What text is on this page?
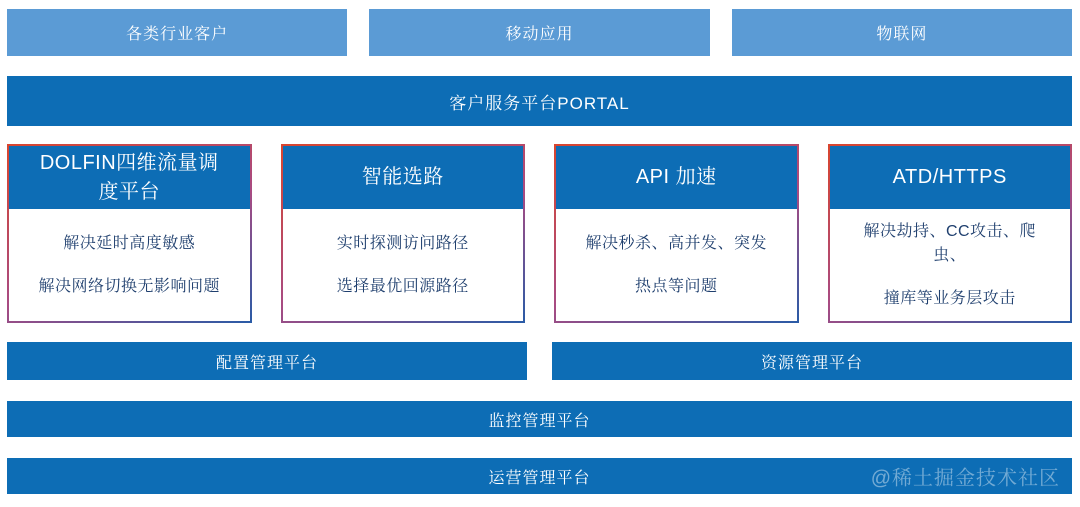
各类行业客户	移动应用	物联网
客户服务平台PORTAL
DOLFIN四维流量调度平台

解决延时高度敏感

解决网络切换无影响问题

智能选路

实时探测访问路径

选择最优回源路径

API 加速

解决秒杀、高并发、突发

热点等问题

ATD/HTTPS

解决劫持、CC攻击、爬虫、

撞库等业务层攻击

配置管理平台	资源管理平台
监控管理平台
运营管理平台	@稀土掘金技术社区
